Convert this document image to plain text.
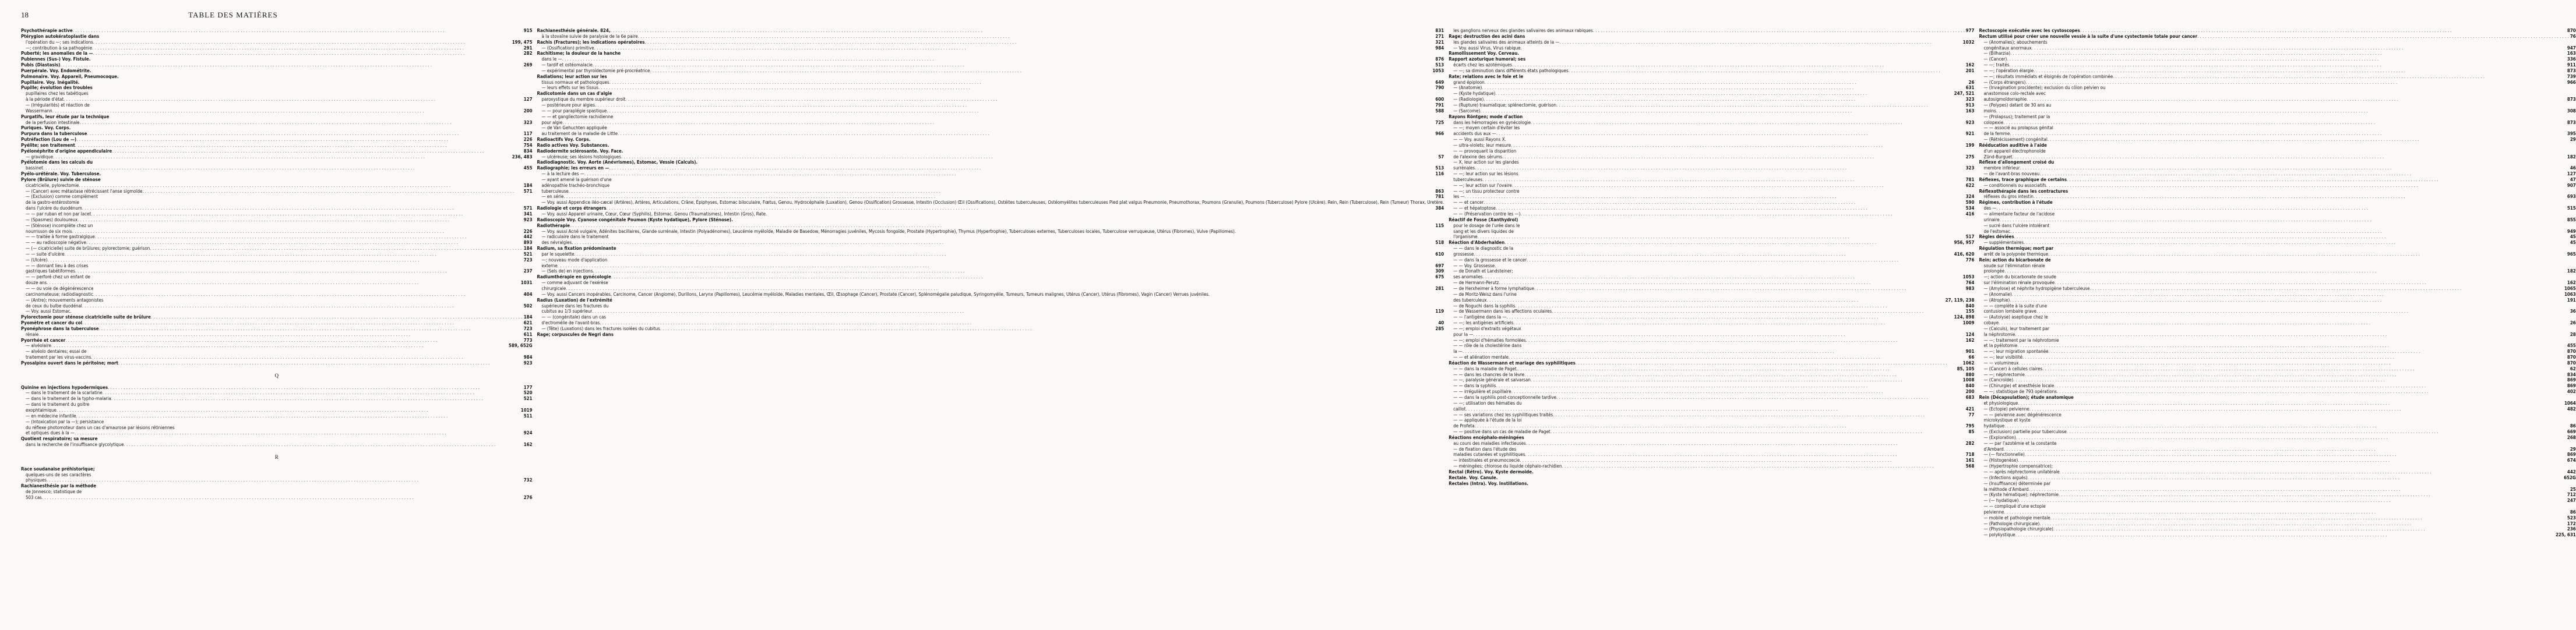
18	TABLE DES MATIÈRES
Psychothérapie active . . .	915
Ptérygion autokératoplastie dans
l'opération du —; ses indications . . .	199, 475
—; contribution à sa pathogénie . . .	291
Puberté; les anomalies de la — . . .	282
Pubiennes (Sus-) Voy. Fistule.
Pubis (Diastasis) . . .	269
Puerpérale. Voy. Endométrite.
Pulmonaire. Voy. Appareil, Pneumocoque.
Pupillaire. Voy. Inégalité.
Pupille; évolution des troubles
pupillaires chez les tabétiques
à la période d'état . . .	127
— (Irrégularités) et réaction de
Wassermann . . .	200
Purgatifs, leur étude par la technique
de la perfusion intestinale . . .	323
Puriques. Voy. Corps.
Purpura dans la tuberculose . . .	117
Putréfaction (Lou de —) . . .	226
Pyélite; son traitement . . .	754
Pyélonéphrite d'origine appendiculaire . . .	834
— gravidique . . .	236, 483
Pyélotomie dans les calculs du
bassinet . . .	455
Pyélo-urétérale. Voy. Tuberculose.
Pylore (Brûlure) suivie de sténose
cicatricielle, pylorectomie . . .	184
— (Cancer) avec métastase rétrécissant l'anse sigmoïde . . .	571
— (Exclusion) comme complément
de la gastro-entérostomie
dans l'ulcère du duodénum . . .	571
— — par ruban et non par lacet . . .	341
— (Spasmes) douloureux . . .	923
— (Sténose) incomplète chez un
nourrisson de six mois . . .	226
— — traitée à forme gastralgique . . .	442
— — au radioscopie négative . . .	893
— (— cicatricielle) suite de brûlures; pylorectomie; guérison . . .	184
— — suite d'ulcère . . .	521
— (Ulcère) . . .	723
— — donnant lieu à des crises
gastriques tabétiformes . . .	237
— — perforé chez un enfant de
douze ans . . .	1031
— — ou voie de dégénérescence
carcinomateuse; radiodiagnostic . . .	404
— (Antre); mouvements antagonistes
de ceux du bulbe duodénal . . .	502
— Voy. aussi Estomac.
Pylorectomie pour sténose cicatricielle suite de brûlure . . .	184
Pyomètre et cancer du col . . .	621
Pyonéphrose dans la tuberculose . . .	723
rénale . . .	611
Pyorrhée et cancer . . .	773
— alvéolaire . . .	589, 652G
— alvéolo dentaires; essai de
traitement par les virus-vaccins . . .	984
Pyosalpinx ouvert dans le péritoine; mort . . .	923
Q
Quinine en injections hypodermiques . . .	177
— dans le traitement de la scarlatine . . .	520
— dans le traitement de la typho-malaria . . .	521
— dans le traitement du goitre
exophtalmique . . .	1019
— en médecine infantile . . .	511
— (Intoxication par la —); persistance
du réflexe photomoteur dans un cas d'amaurose par lésions rétiniennes
et optiques dues à la — . . .	924
Quotient respiratoire; sa mesure
dans la recherche de l'insuffisance glycolytique . . .	162
R
Race soudanaise préhistorique;
quelques-uns de ses caractères
physiques . . .	732
Rachianesthésie par la méthode
de Jonnesco; statistique de
503 cas . . .	276
Rachianesthésie générale. 824, . . .	831
à la stovaïne suivie de paralysie de la 6e paire . . .	271
Rachis (Fractures); les indications opératoires . . .	321
— (Ossification) primitive . . .	984
Rachitisme; la douleur de la hanche
dans le — . . .	876
— tardif et ostéomalacie . . .	513
— expérimental par thyroïdectomie pré-procréatrice . . .	1053
Radiations; leur action sur les
tissus normaux et pathologiques . . .	649
— leurs effets sur les tissus . . .	790
Radicotomie dans un cas d'algie
paroxystique du membre supérieur droit . . .	600
— postérieure pour algies . . .	791
— — pour paraplégie spastique . . .	588
— — et gangliectomie rachidienne
pour algie . . .	725
— de Van Gehuchten appliquée
au traitement de la maladie de Little . . .	966
Radioactifs Voy. Corps.
Radio actives Voy. Substances.
Radiodermite sclérosante. Voy. Face.
— ulcéreuse; ses lésions histologiques . . .	57
Radiodiagnostic. Voy. Aorte (Anévrismes), Estomac, Vessie (Calculs).
Radiographie; les erreurs en — . . .	513
— à la lecture des — . . .	116
— ayant amené la guérison d'une
adénopathie trachéo-bronchique
tuberculeuse . . .	863
— en série . . .	781
— Voy. aussi Appendice iléo-cæcal (Artères), Artères, Articulations, Crâne, Épiphyses, Estomac biloculaire, Fœtus, Genou, Hydrocéphalie (Luxation), Genou (Ossification) Grossesse, Intestin (Occlusion) Œil (Ossifications), Ostéites tuberculeuses, Ostéomyélites tuberculeuses Pied plat valgus Pneumonie, Pneumothorax, Poumons (Granulie), Poumons (Tuberculose) Pylore (Ulcère). Rein, Rein (Tuberculose), Rein (Tumeur) Thorax, Uretère.
Radiologie et corps étrangers . . .	384
— Voy. aussi Appareil urinaire, Cœur, Cœur (Syphilis), Estomac. Genou (Traumatismes), Intestin (Gros), Rate.
Radioscopie Voy. Cyanose congénitale Poumon (Kyste hydatique), Pylore (Sténose).
Radiothérapie . . .	115
— Voy. aussi Acné vulgaire, Adénites bacillaires, Glande surrénale, Intestin (Polyadénomes), Leucémie myéloïde, Maladie de Basedow, Ménorragies juvéniles, Mycosis fongoïde, Prostate (Hypertrophie), Thymus (Hypertrophie), Tuberculoses externes, Tuberculoses locales, Tuberculose verruqueuse, Utérus (Fibromes), Vulve (Papillomes).
— radiculaire dans le traitement
des névralgies . . .	518
Radium, sa fixation prédominante
par le squelette . . .	610
—; nouveau mode d'application
externe . . .	697
— (Sels de) en injections . . .	309
Radiumthérapie en gynécologie . . .	675
— comme adjuvant de l'exérèse
chirurgicale . . .	281
— Voy. aussi Cancers inopérables, Carcinome, Cancer (Angiome), Durillons, Larynx (Papillomes), Leucémie myéloïde, Maladies mentales, Œil, Œsophage (Cancer), Prostate (Cancer), Splénomégalie paludique, Syringomyélie, Tumeurs, Tumeurs malignes, Utérus (Cancer), Utérus (Fibromes), Vagin (Cancer) Verrues juvéniles.
Radius (Luxation) de l'extrémité
supérieure dans les fractures du
cubitus au 1/3 supérieur . . .	119
— — (congénitale) dans un cas
d'ectromélie de l'avant-bras . . .	40
— (Tête) (Luxations) dans les fractures isolées du cubitus . . .	285
Rage; corpuscules de Negri dans
les ganglions nerveux des glandes salivaires des animaux rabiques . . .	977
Rage; destruction des acini dans
les glandes salivaires des animaux atteints de la — . . .	1032
— Voy. aussi Virus, Virus rabique.
Ramollissement Voy. Cerveau.
Rapport azoturique humoral; ses
écarts chez les azotémiques . . .	162
— —; sa diminution dans différents états pathologiques . . .	201
Rate; relations avec le foie et le
grand épiploon . . .	26
— (Anatomie) . . .	631
— (Kyste hydatique) . . .	247, 521
— (Radiologie) . . .	323
— (Rupture) traumatique; splénectomie, guérison . . .	913
— (Sarcome) . . .	163
Rayons Röntgen; mode d'action
dans les hémorragies en gynécologie . . .	923
— —; moyen certain d'éviter les
accidents dus aux — . . .	921
— — Voy. aussi Rayons X.
— ultra-violets; leur mesure . . .	199
— — provoquant la disparition
de l'alexine des sérums . . .	275
— X, leur action sur les glandes
surrénales . . .	323
— —; leur action sur les lésions
tuberculeuses . . .	781
— —; leur action sur l'ovaire . . .	622
— —; un tissu protecteur contre
les — . . .	324
— — et cancer . . .	590
— — et hépatoptose . . .	534
— — (Préservation contre les —) . . .	416
Réactif de Fosse (Xanthydrol)
pour le dosage de l'urée dans le
sang et les divers liquides de
l'organisme . . .	517
Réaction d'Abderhalden . . .	956, 957
— — dans le diagnostic de la
grossesse . . .	416, 620
— — dans la grossesse et le cancer . . .	776
— — Voy. Grossesse.
— de Donath et Landsteiner;
ses anomalies . . .	1053
— de Hermann-Perutz . . .	764
— de Herxheimer à forme lymphatique . . .	983
— de Moritz-Weisz dans l'urine
des tuberculeux . . .	27, 119, 238
— de Noguchi dans la syphilis . . .	840
— de Wassermann dans les affections oculaires . . .	155
— — l'antigène dans la — . . .	124, 898
— —; les antigènes artificiels . . .	1009
— —; emploi d'extraits végétaux
pour la — . . .	124
— —; emploi d'hématies formolées . . .	162
— — rôle de la cholestérine dans
la — . . .	901
— — et aliénation mentale . . .	66
Réaction de Wassermann et mariage des syphilitiques . . .	1062
— — dans la maladie de Paget. . . .	85, 105
— — dans les chancres de la lèvre . . .	880
— —, paralysie générale et salvarsan . . .	1008
— — dans la syphilis . . .	840
— — irrégulière et pupillaire . . .	200
— — dans la syphilis post-conceptionnelle tardive . . .	683
— —; utilisation des hématies du
caillot . . .	421
— — ses variations chez les syphilitiques traités . . .	77
— — appliquée à l'étude de la loi
de Profeta . . .	795
— — positive dans un cas de maladie de Paget . . .	85
Réactions encéphalo-méningées
au cours des maladies infectieuses . . .	282
— de fixation dans l'étude des
maladies cutanées et syphilitiques . . .	718
— intestinales et pneumocoecie . . .	161
— méningées; chlorose du liquide céphalo-rachidien . . .	568
Rectal (Rétro). Voy. Kyste dermoïde.
Rectale. Voy. Canule.
Rectales (Intra). Voy. Instillations.
Rectoscopie exécutée avec les cystoscopes . . .	870
Rectum utilisé pour créer une nouvelle vessie à la suite d'une cystectomie totale pour cancer . . .	76
— (Anomalies); abouchements
congénitaux anormaux . . .	947
— (Bilharzia) . . .	163
— (Cancer) . . .	336
— —; traités . . .	911
— —; l'opération élargie . . .	873
— —; résultats immédiats et éloignés de l'opération combinée . . .	739
— (Corps étrangers) . . .	966
— (Invagination procidente); exclusion du côlon pelvien ou
anastomose colo-rectale avec
autosigmoïdorraphie . . .	873
— (Polypes) datant de 30 ans au
moins . . .	308
— (Prolapsus); traitement par la
colopexie . . .	873
— — associé au prolapsus génital
de la femme . . .	395
— (Rétrécissement) congénital . . .	29
Rééducation auditive à l'aide
d'un appareil électrophonoïde
Zünd-Burguet . . .	182
Réflexe d'allongement croisé du
membre inférieur . . .	46
— de l'avant-bras nouveau . . .	127
Réflexes, trace graphique de certains . . .	47
— conditionnels ou associatifs . . .	907
Réflexothérapie dans les contractures
réflexes du gros intestin . . .	693
Régimes, contribution à l'étude
des — . . .	515
— alimentaire facteur de l'acidose
urinaire . . .	855
— sucré dans l'ulcère intolérant
de l'estomac . . .	949
Règles déviées . . .	45
— supplémentaires . . .	45
Régulation thermique; mort par
arrêt de la polypnée thermique . . .	965
Rein; action du bicarbonate de
soude sur l'élimination rénale
prolongée . . .	182
—; action du bicarbonate de soude
sur l'élimination rénale provoquée . . .	162
— (Amylose) et néphrite hydropigène tuberculeuse . . .	1065
— (Anomalie) . . .	1063
— (Atrophie) . . .	191
— — complète à la suite d'une
contusion lombaire grave . . .	36
— (Autolyse) aseptique chez le
cobaye . . .	26
— (Calculs), leur traitement par
la néphrotomie . . .	28
— —; traitement par la néphrotomie
et la pyélotomie . . .	455
— —; leur migration spontanée . . .	870
— —; leur visibilité . . .	870
— — volumineux . . .	870
— (Cancer) à cellules claires . . .	62
— —; néphrectomie . . .	834
— (Cancroïde) . . .	869
— (Chirurgie) et anesthésie locale . . .	869
— —; statistique de 793 opérations . . .	402
Rein (Décapsulation); étude anatomique
et physiologique . . .	1064
— (Ectopie) pelvienne . . .	482
— — pelvienne avec dégénérescence
microkystique et kyste
hydatique . . .	86
— (Exclusion) partielle pour tuberculose . . .	669
— (Exploration) . . .	268
— — par l'azotémie et la constante
d'Ambard . . .	29
— (— fonctionnelle) . . .	869
— (Histogenèse) . . .	674
— (Hypertrophie compensatrice);
— — après néphrectomie unilatérale . . .	442
— (Infections aiguës) . . .	652G
— (Insuffisance) déterminée par
la méthode d'Ambard . . .	25
— (Kyste hématique); néphrectomie . . .	712
— (— hydatique) . . .	247
— — compliqué d'une ectopie
pelvienne . . .	86
— mobile et pathologie mentale . . .	523
— (Pathologie chirurgicale) . . .	172
— (Physiopathologie chirurgicale) . . .	236
— polykystique . . .	225, 631
